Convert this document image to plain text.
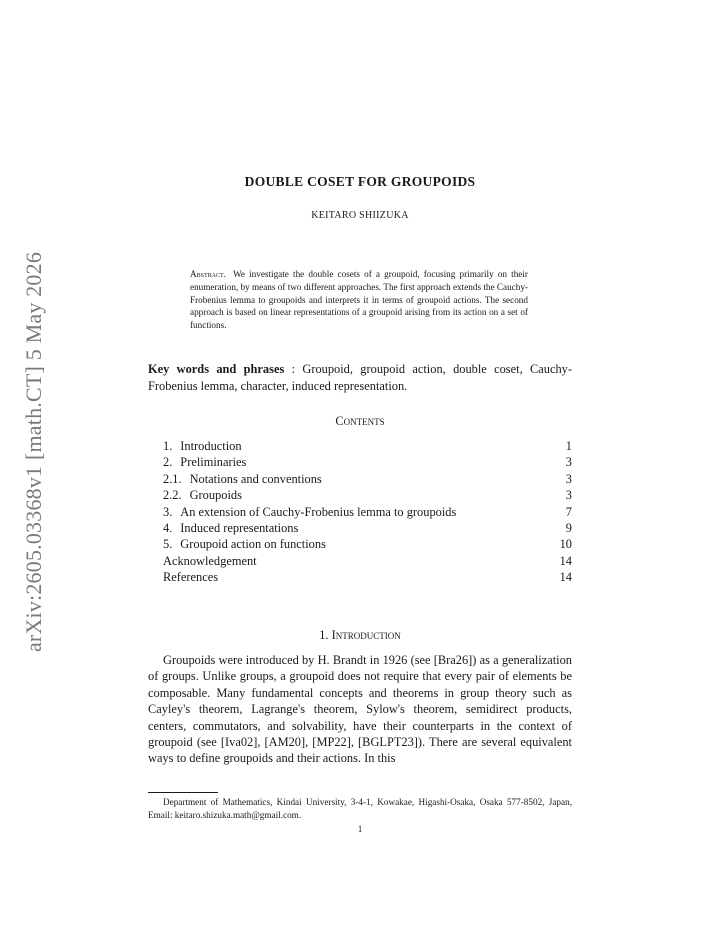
arXiv:2605.03368v1 [math.CT] 5 May 2026
DOUBLE COSET FOR GROUPOIDS
KEITARO SHIIZUKA
Abstract. We investigate the double cosets of a groupoid, focusing primarily on their enumeration, by means of two different approaches. The first approach extends the Cauchy-Frobenius lemma to groupoids and interprets it in terms of groupoid actions. The second approach is based on linear representations of a groupoid arising from its action on a set of functions.
Key words and phrases : Groupoid, groupoid action, double coset, Cauchy-Frobenius lemma, character, induced representation.
Contents
1. Introduction	1
2. Preliminaries	3
2.1. Notations and conventions	3
2.2. Groupoids	3
3. An extension of Cauchy-Frobenius lemma to groupoids	7
4. Induced representations	9
5. Groupoid action on functions	10
Acknowledgement	14
References	14
1. Introduction
Groupoids were introduced by H. Brandt in 1926 (see [Bra26]) as a generalization of groups. Unlike groups, a groupoid does not require that every pair of elements be composable. Many fundamental concepts and theorems in group theory such as Cayley's theorem, Lagrange's theorem, Sylow's theorem, semidirect products, centers, commutators, and solvability, have their counterparts in the context of groupoid (see [Iva02], [AM20], [MP22], [BGLPT23]). There are several equivalent ways to define groupoids and their actions. In this
Department of Mathematics, Kindai University, 3-4-1, Kowakae, Higashi-Osaka, Osaka 577-8502, Japan, Email: keitaro.shizuka.math@gmail.com.
1
